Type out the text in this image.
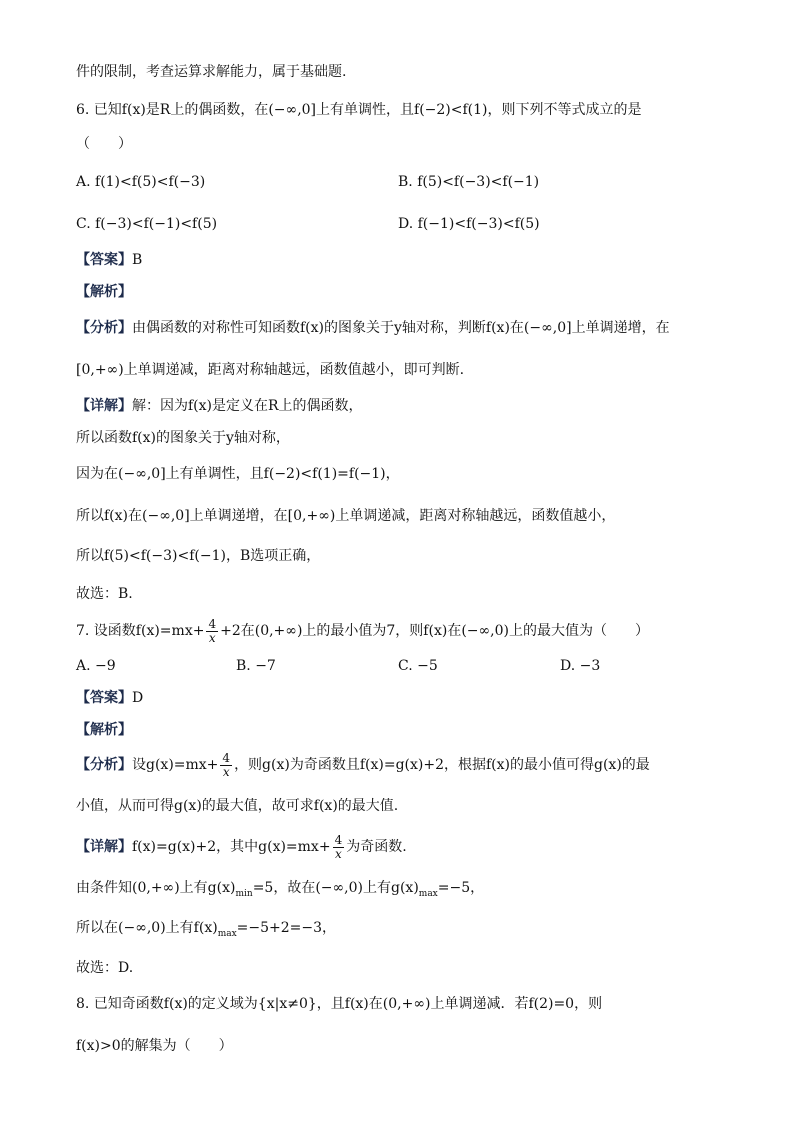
件的限制，考查运算求解能力，属于基础题.
6. 已知f(x)是R上的偶函数，在(−∞,0]上有单调性，且f(−2)<f(1)，则下列不等式成立的是
（　　）
A. f(1)<f(5)<f(−3)	B. f(5)<f(−3)<f(−1)
C. f(−3)<f(−1)<f(5)	D. f(−1)<f(−3)<f(5)
【答案】B
【解析】
【分析】由偶函数的对称性可知函数f(x)的图象关于y轴对称，判断f(x)在(−∞,0]上单调递增，在
[0,+∞)上单调递减，距离对称轴越远，函数值越小，即可判断.
【详解】解：因为f(x)是定义在R上的偶函数，
所以函数f(x)的图象关于y轴对称，
因为在(−∞,0]上有单调性，且f(−2)<f(1)=f(−1)，
所以f(x)在(−∞,0]上单调递增，在[0,+∞)上单调递减，距离对称轴越远，函数值越小，
所以f(5)<f(−3)<f(−1)，B选项正确，
故选：B.
7. 设函数$f(x)=mx+ \frac{4}{x} +2$在(0,+∞)上的最小值为7，则f(x)在(−∞,0)上的最大值为（　　）
A. −9	B. −7	C. −5	D. −3
【答案】D
【解析】
【分析】设$g(x)=mx+ \frac{4}{x}$ ，则g(x)为奇函数且f(x)=g(x)+2，根据f(x)的最小值可得g(x)的最
小值，从而可得g(x)的最大值，故可求f(x)的最大值.
【详解】f(x)=g(x)+2，其中$g(x)=mx+ \frac{4}{x}$ 为奇函数.
由条件知(0,+∞)上有$g(x)_{min}=5$，故在(−∞,0)上有$g(x)_{max}=-5$，
所以在(−∞,0)上有$f(x)_{max}=-5+2=-3$，
故选：D.
8. 已知奇函数f(x)的定义域为{x|x≠0}，且f(x)在(0,+∞)上单调递减．若f(2)=0，则
f(x)>0的解集为（　　）
